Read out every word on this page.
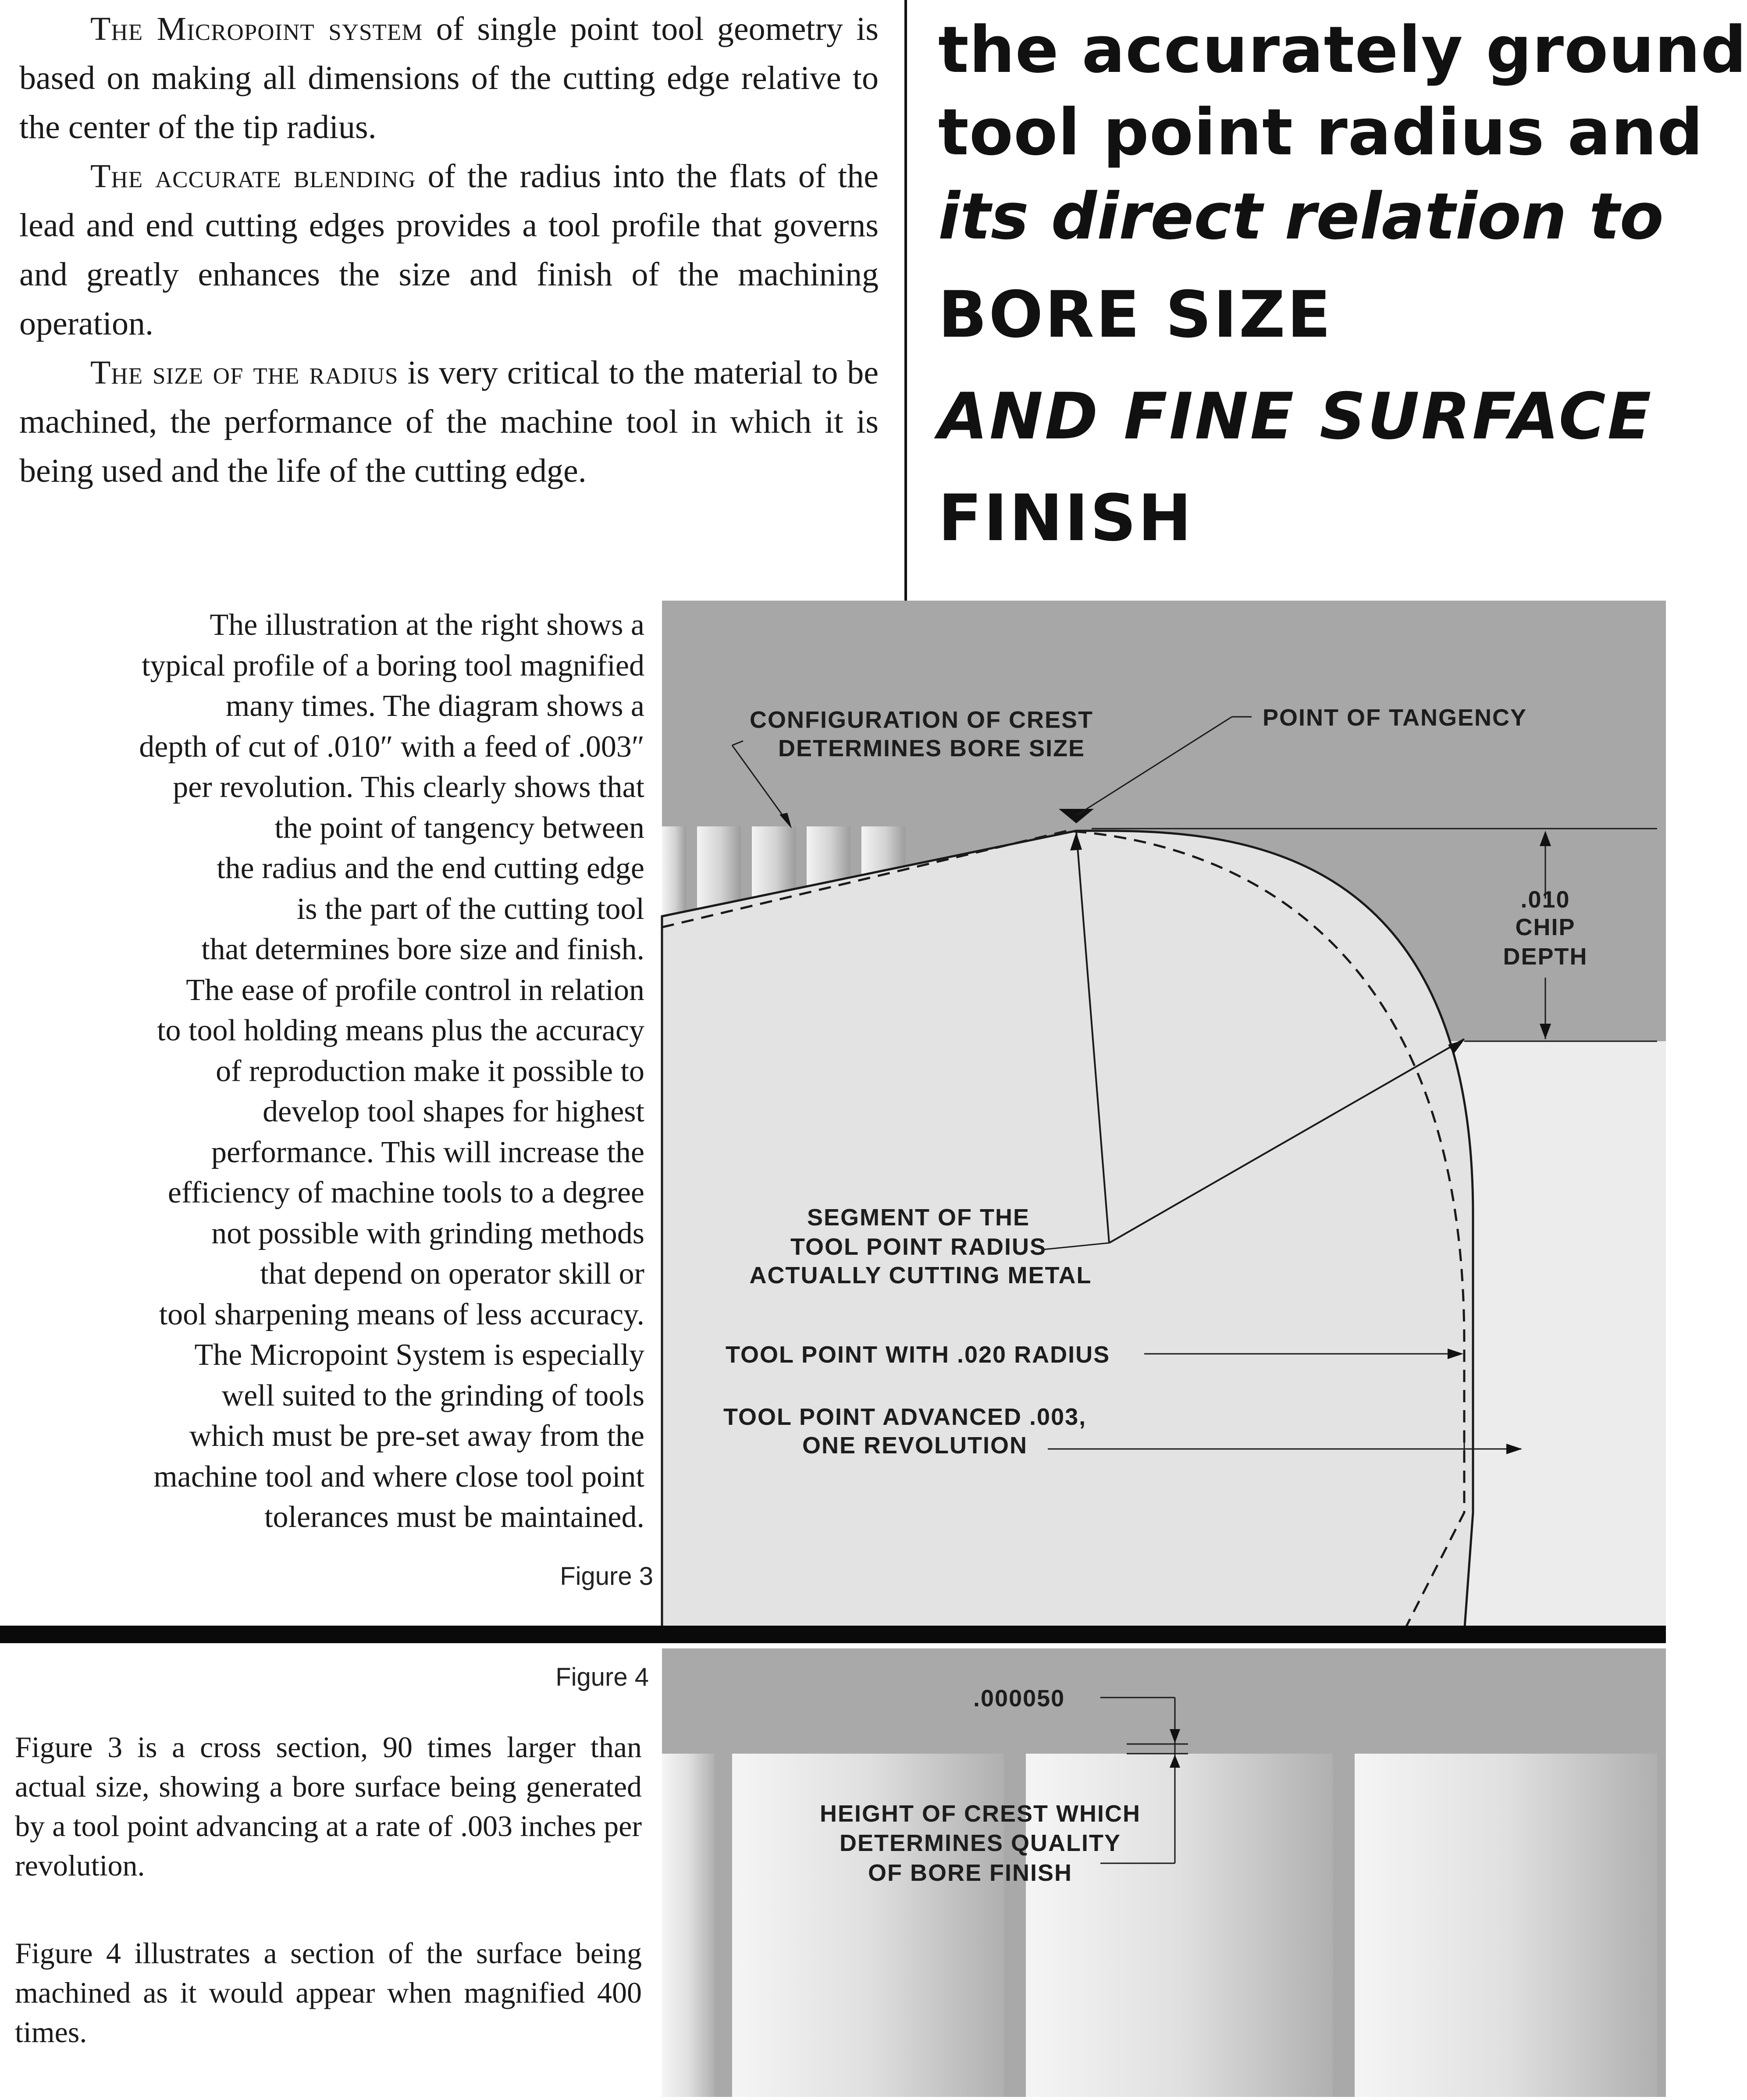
The Micropoint system of single point tool geometry is based on making all dimensions of the cutting edge relative to the center of the tip radius.

The accurate blending of the radius into the flats of the lead and end cutting edges provides a tool profile that governs and greatly enhances the size and finish of the machining operation.

The size of the radius is very critical to the material to be machined, the performance of the machine tool in which it is being used and the life of the cutting edge.

the accurately ground
tool point radius and
its direct relation to
BORE SIZE
AND FINE SURFACE
FINISH
The illustration at the right shows a
typical profile of a boring tool magnified
many times. The diagram shows a
depth of cut of .010″ with a feed of .003″
per revolution. This clearly shows that
the point of tangency between
the radius and the end cutting edge
is the part of the cutting tool
that determines bore size and finish.
The ease of profile control in relation
to tool holding means plus the accuracy
of reproduction make it possible to
develop tool shapes for highest
performance. This will increase the
efficiency of machine tools to a degree
not possible with grinding methods
that depend on operator skill or
tool sharpening means of less accuracy.
The Micropoint System is especially
well suited to the grinding of tools
which must be pre-set away from the
machine tool and where close tool point
tolerances must be maintained.
Figure 3
CONFIGURATION OF CREST
DETERMINES BORE SIZE
POINT OF TANGENCY
.010
CHIP
DEPTH
SEGMENT OF THE
TOOL POINT RADIUS
ACTUALLY CUTTING METAL
TOOL POINT WITH .020 RADIUS
TOOL POINT ADVANCED .003,
ONE REVOLUTION
Figure 4

Figure 3 is a cross section, 90 times larger than actual size, showing a bore surface being generated by a tool point advancing at a rate of .003 inches per revolution.

Figure 4 illustrates a section of the surface being machined as it would appear when magnified 400 times.

.000050
HEIGHT OF CREST WHICH
DETERMINES QUALITY
OF BORE FINISH
